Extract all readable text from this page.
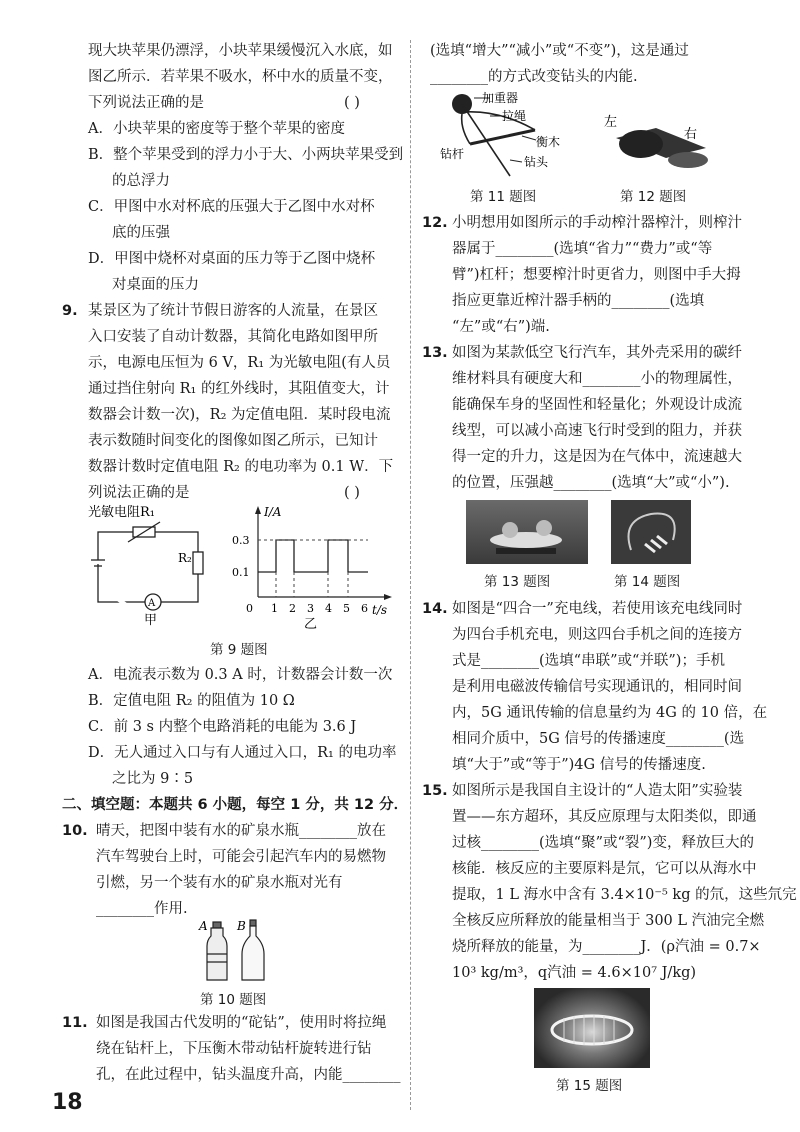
现大块苹果仍漂浮，小块苹果缓慢沉入水底，如
图乙所示．若苹果不吸水，杯中水的质量不变，
下列说法正确的是	( )
A．小块苹果的密度等于整个苹果的密度
B．整个苹果受到的浮力小于大、小两块苹果受到
的总浮力
C．甲图中水对杯底的压强大于乙图中水对杯
底的压强
D．甲图中烧杯对桌面的压力等于乙图中烧杯
对桌面的压力
9. 某景区为了统计节假日游客的人流量，在景区
入口安装了自动计数器，其简化电路如图甲所
示，电源电压恒为 6 V，R₁ 为光敏电阻(有人员
通过挡住射向 R₁ 的红外线时，其阻值变大，计
数器会计数一次)，R₂ 为定值电阻．某时段电流
表示数随时间变化的图像如图乙所示，已知计
数器计数时定值电阻 R₂ 的电功率为 0.1 W．下
列说法正确的是	( )
光敏电阻R₁
R₂
A
甲
I/A
t/s
0.3
0.1
0 1 2 3 4 5 6
乙
第 9 题图
A．电流表示数为 0.3 A 时，计数器会计数一次
B．定值电阻 R₂ 的阻值为 10 Ω
C．前 3 s 内整个电路消耗的电能为 3.6 J
D．无人通过入口与有人通过入口，R₁ 的电功率
之比为 9∶5
二、填空题：本题共 6 小题，每空 1 分，共 12 分．
10. 晴天，把图中装有水的矿泉水瓶________放在
汽车驾驶台上时，可能会引起汽车内的易燃物
引燃，另一个装有水的矿泉水瓶对光有
________作用.
A B
第 10 题图
11. 如图是我国古代发明的“砣钻”，使用时将拉绳
绕在钻杆上，下压衡木带动钻杆旋转进行钻
孔，在此过程中，钻头温度升高，内能________
(选填“增大”“减小”或“不变”)，这是通过
________的方式改变钻头的内能.
加重器
拉绳
衡木
钻头
钻杆
第 11 题图
左
右
第 12 题图
12. 小明想用如图所示的手动榨汁器榨汁，则榨汁
器属于________(选填“省力”“费力”或“等
臂”)杠杆；想要榨汁时更省力，则图中手大拇
指应更靠近榨汁器手柄的________(选填
“左”或“右”)端.
13. 如图为某款低空飞行汽车，其外壳采用的碳纤
维材料具有硬度大和________小的物理属性，
能确保车身的坚固性和轻量化；外观设计成流
线型，可以减小高速飞行时受到的阻力，并获
得一定的升力，这是因为在气体中，流速越大
的位置，压强越________(选填“大”或“小”).
第 13 题图	第 14 题图
14. 如图是“四合一”充电线，若使用该充电线同时
为四台手机充电，则这四台手机之间的连接方
式是________(选填“串联”或“并联”)；手机
是利用电磁波传输信号实现通讯的，相同时间
内，5G 通讯传输的信息量约为 4G 的 10 倍，在
相同介质中，5G 信号的传播速度________(选
填“大于”或“等于”)4G 信号的传播速度.
15. 如图所示是我国自主设计的“人造太阳”实验装
置——东方超环，其反应原理与太阳类似，即通
过核________(选填“聚”或“裂”)变，释放巨大的
核能．核反应的主要原料是氘，它可以从海水中
提取，1 L 海水中含有 3.4×10⁻⁵ kg 的氘，这些氘完
全核反应所释放的能量相当于 300 L 汽油完全燃
烧所释放的能量，为________J．(ρ汽油 = 0.7×
10³ kg/m³，q汽油 = 4.6×10⁷ J/kg)
第 15 题图
18
